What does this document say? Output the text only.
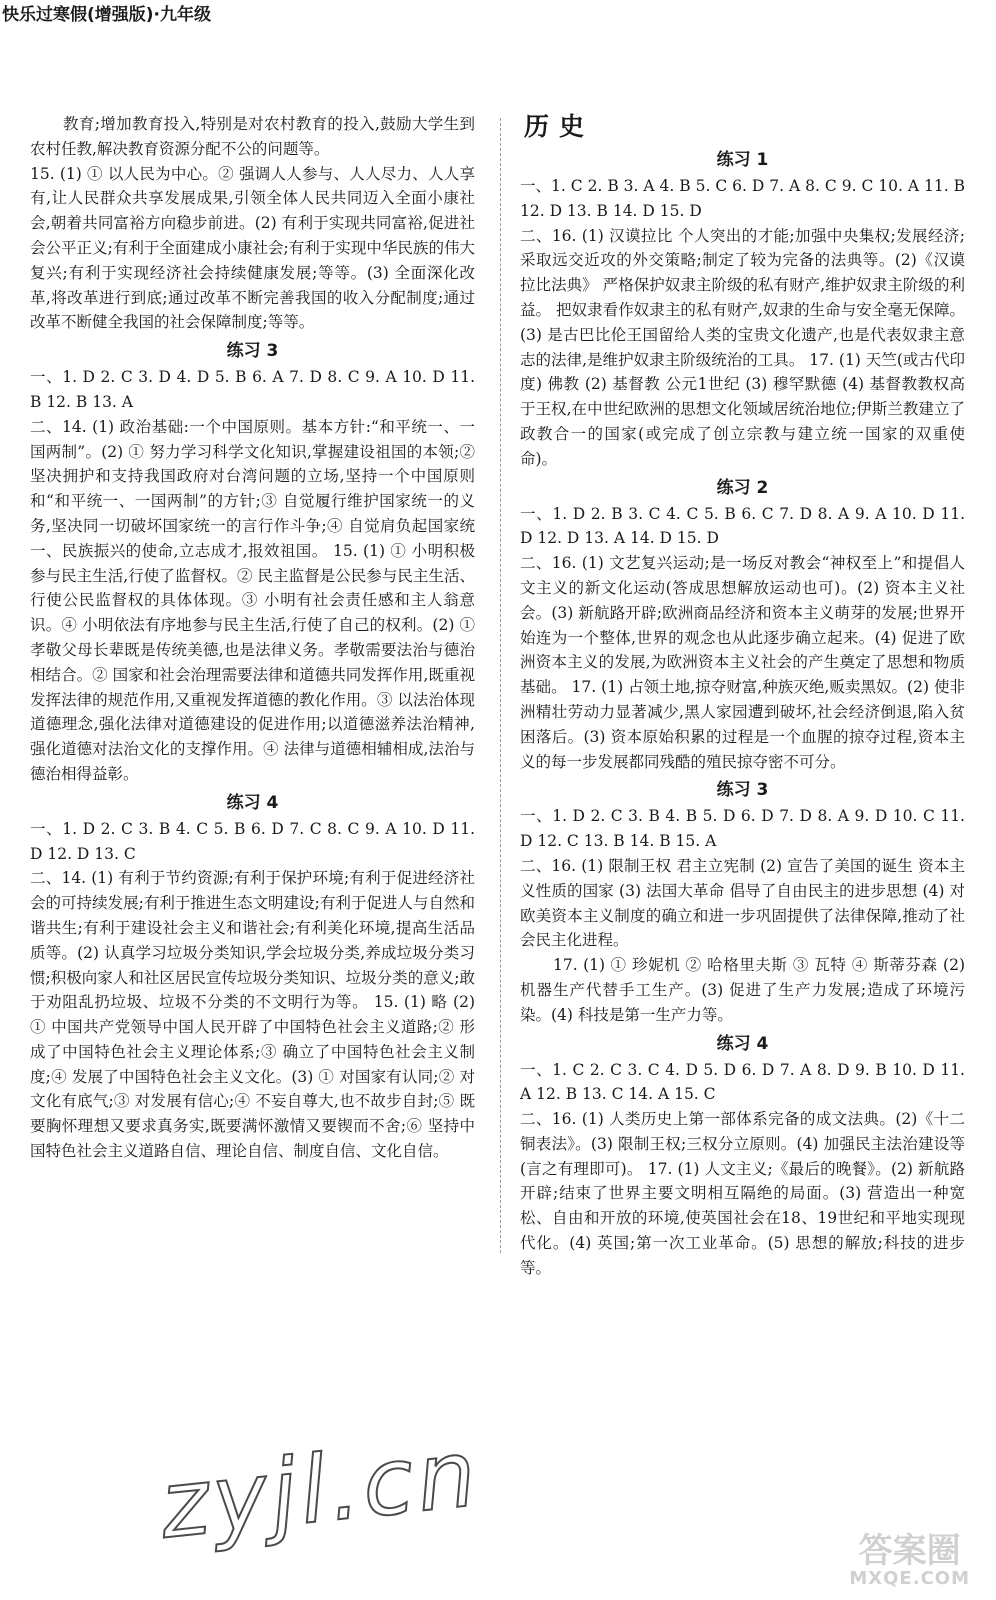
快乐过寒假(增强版)·九年级

教育;增加教育投入,特别是对农村教育的投入,鼓励大学生到农村任教,解决教育资源分配不公的问题等。

15. (1) ① 以人民为中心。② 强调人人参与、人人尽力、人人享有,让人民群众共享发展成果,引领全体人民共同迈入全面小康社会,朝着共同富裕方向稳步前进。(2) 有利于实现共同富裕,促进社会公平正义;有利于全面建成小康社会;有利于实现中华民族的伟大复兴;有利于实现经济社会持续健康发展;等等。(3) 全面深化改革,将改革进行到底;通过改革不断完善我国的收入分配制度;通过改革不断健全我国的社会保障制度;等等。

练习 3

一、1. D 2. C 3. D 4. D 5. B 6. A 7. D 8. C 9. A 10. D 11. B 12. B 13. A

二、14. (1) 政治基础:一个中国原则。基本方针:“和平统一、一国两制”。(2) ① 努力学习科学文化知识,掌握建设祖国的本领;② 坚决拥护和支持我国政府对台湾问题的立场,坚持一个中国原则和“和平统一、一国两制”的方针;③ 自觉履行维护国家统一的义务,坚决同一切破坏国家统一的言行作斗争;④ 自觉肩负起国家统一、民族振兴的使命,立志成才,报效祖国。 15. (1) ① 小明积极参与民主生活,行使了监督权。② 民主监督是公民参与民主生活、行使公民监督权的具体体现。③ 小明有社会责任感和主人翁意识。④ 小明依法有序地参与民主生活,行使了自己的权利。(2) ① 孝敬父母长辈既是传统美德,也是法律义务。孝敬需要法治与德治相结合。② 国家和社会治理需要法律和道德共同发挥作用,既重视发挥法律的规范作用,又重视发挥道德的教化作用。③ 以法治体现道德理念,强化法律对道德建设的促进作用;以道德滋养法治精神,强化道德对法治文化的支撑作用。④ 法律与道德相辅相成,法治与德治相得益彰。

练习 4

一、1. D 2. C 3. B 4. C 5. B 6. D 7. C 8. C 9. A 10. D 11. D 12. D 13. C

二、14. (1) 有利于节约资源;有利于保护环境;有利于促进经济社会的可持续发展;有利于推进生态文明建设;有利于促进人与自然和谐共生;有利于建设社会主义和谐社会;有利美化环境,提高生活品质等。(2) 认真学习垃圾分类知识,学会垃圾分类,养成垃圾分类习惯;积极向家人和社区居民宣传垃圾分类知识、垃圾分类的意义;敢于劝阻乱扔垃圾、垃圾不分类的不文明行为等。 15. (1) 略 (2) ① 中国共产党领导中国人民开辟了中国特色社会主义道路;② 形成了中国特色社会主义理论体系;③ 确立了中国特色社会主义制度;④ 发展了中国特色社会主义文化。(3) ① 对国家有认同;② 对文化有底气;③ 对发展有信心;④ 不妄自尊大,也不故步自封;⑤ 既要胸怀理想又要求真务实,既要满怀激情又要锲而不舍;⑥ 坚持中国特色社会主义道路自信、理论自信、制度自信、文化自信。

历史
练习 1

一、1. C 2. B 3. A 4. B 5. C 6. D 7. A 8. C 9. C 10. A 11. B 12. D 13. B 14. D 15. D

二、16. (1) 汉谟拉比 个人突出的才能;加强中央集权;发展经济;采取远交近攻的外交策略;制定了较为完备的法典等。(2)《汉谟拉比法典》 严格保护奴隶主阶级的私有财产,维护奴隶主阶级的利益。 把奴隶看作奴隶主的私有财产,奴隶的生命与安全毫无保障。(3) 是古巴比伦王国留给人类的宝贵文化遗产,也是代表奴隶主意志的法律,是维护奴隶主阶级统治的工具。 17. (1) 天竺(或古代印度) 佛教 (2) 基督教 公元1世纪 (3) 穆罕默德 (4) 基督教教权高于王权,在中世纪欧洲的思想文化领域居统治地位;伊斯兰教建立了政教合一的国家(或完成了创立宗教与建立统一国家的双重使命)。

练习 2

一、1. D 2. B 3. C 4. C 5. B 6. C 7. D 8. A 9. A 10. D 11. D 12. D 13. A 14. D 15. D

二、16. (1) 文艺复兴运动;是一场反对教会“神权至上”和提倡人文主义的新文化运动(答成思想解放运动也可)。(2) 资本主义社会。(3) 新航路开辟;欧洲商品经济和资本主义萌芽的发展;世界开始连为一个整体,世界的观念也从此逐步确立起来。(4) 促进了欧洲资本主义的发展,为欧洲资本主义社会的产生奠定了思想和物质基础。 17. (1) 占领土地,掠夺财富,种族灭绝,贩卖黑奴。(2) 使非洲精壮劳动力显著减少,黑人家园遭到破坏,社会经济倒退,陷入贫困落后。(3) 资本原始积累的过程是一个血腥的掠夺过程,资本主义的每一步发展都同残酷的殖民掠夺密不可分。

练习 3

一、1. D 2. C 3. B 4. B 5. D 6. D 7. D 8. A 9. D 10. C 11. D 12. C 13. B 14. B 15. A

二、16. (1) 限制王权 君主立宪制 (2) 宣告了美国的诞生 资本主义性质的国家 (3) 法国大革命 倡导了自由民主的进步思想 (4) 对欧美资本主义制度的确立和进一步巩固提供了法律保障,推动了社会民主化进程。

17. (1) ① 珍妮机 ② 哈格里夫斯 ③ 瓦特 ④ 斯蒂芬森 (2) 机器生产代替手工生产。(3) 促进了生产力发展;造成了环境污染。(4) 科技是第一生产力等。

练习 4

一、1. C 2. C 3. C 4. D 5. D 6. D 7. A 8. D 9. B 10. D 11. A 12. B 13. C 14. A 15. C

二、16. (1) 人类历史上第一部体系完备的成文法典。(2)《十二铜表法》。(3) 限制王权;三权分立原则。(4) 加强民主法治建设等(言之有理即可)。 17. (1) 人文主义;《最后的晚餐》。(2) 新航路开辟;结束了世界主要文明相互隔绝的局面。(3) 营造出一种宽松、自由和开放的环境,使英国社会在18、19世纪和平地实现现代化。(4) 英国;第一次工业革命。(5) 思想的解放;科技的进步等。

zyjl.cn	答案圈
MXQE.COM
